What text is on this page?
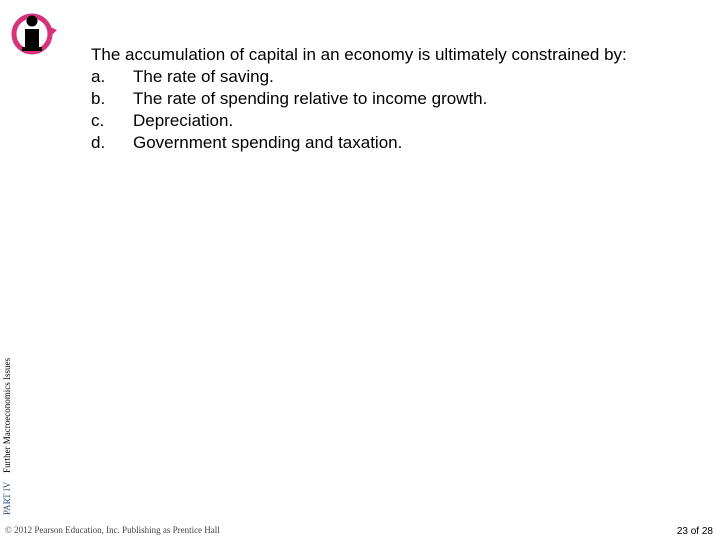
The accumulation of capital in an economy is ultimately constrained by:
a.	The rate of saving.
b.	The rate of spending relative to income growth.
c.	Depreciation.
d.	Government spending and taxation.
PART IV    Further Macroeconomics Issues
© 2012 Pearson Education, Inc. Publishing as Prentice Hall	23 of 28
